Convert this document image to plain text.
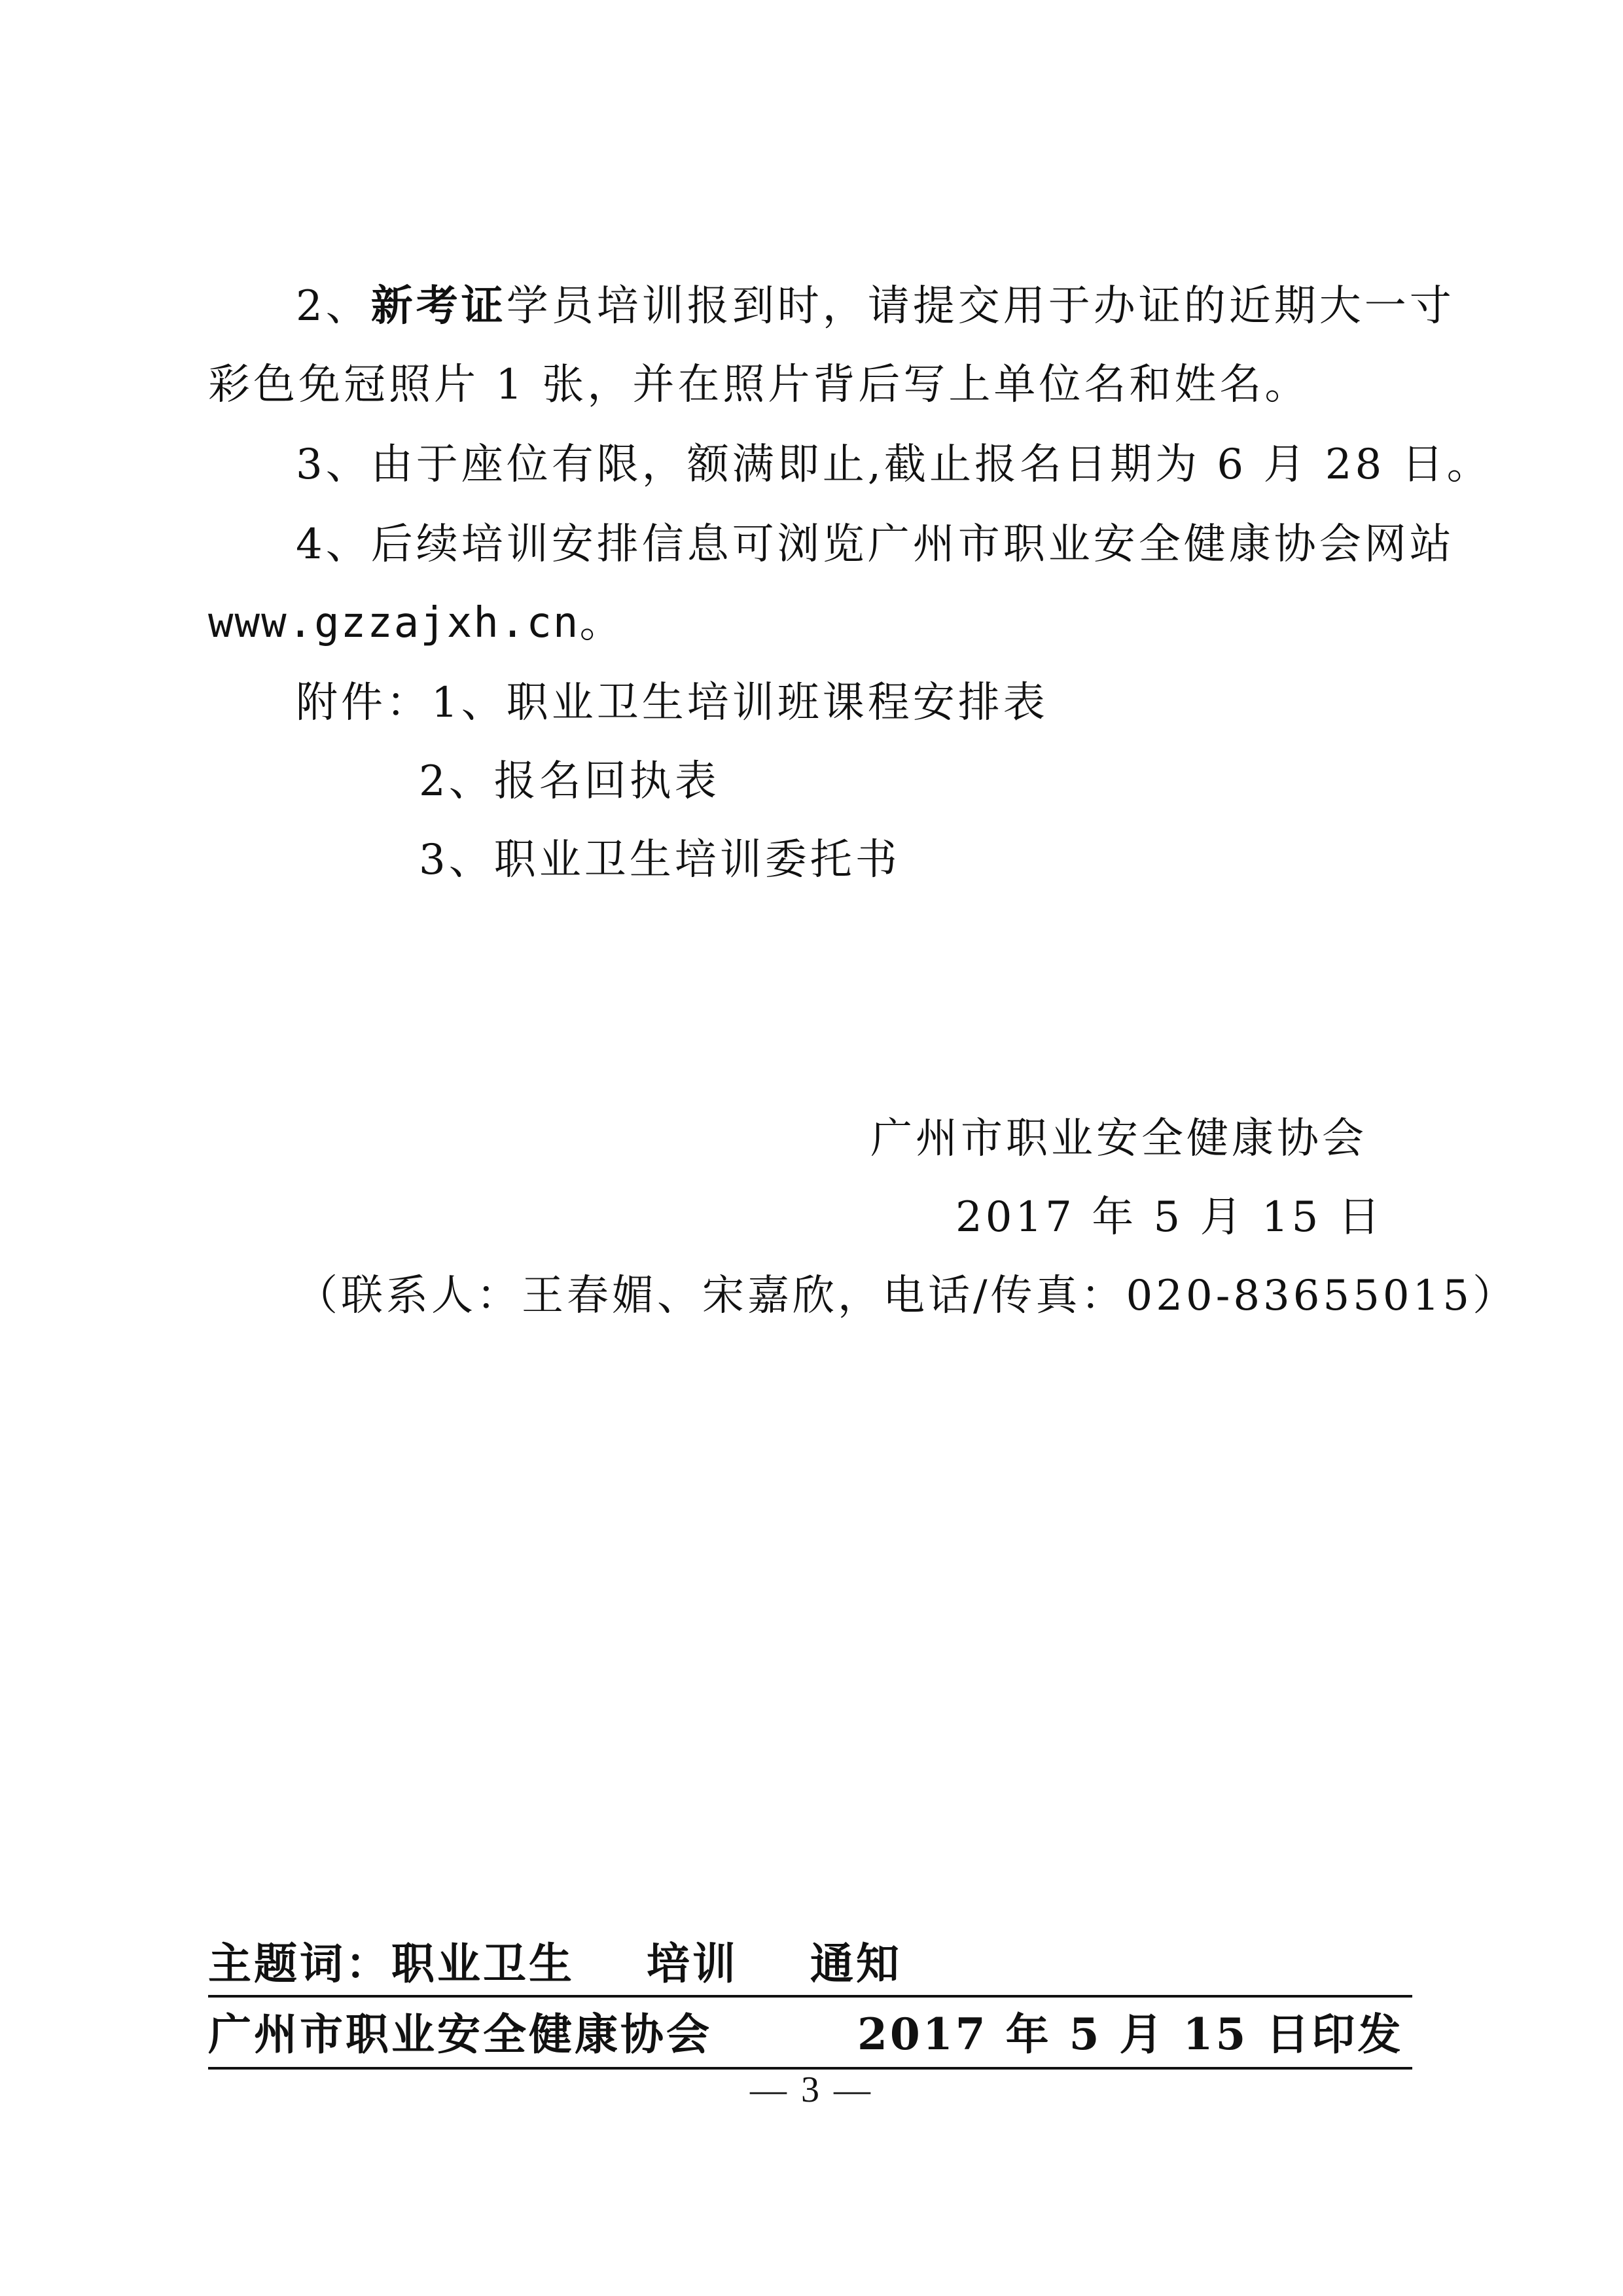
2、新考证学员培训报到时，请提交用于办证的近期大一寸
彩色免冠照片 1 张，并在照片背后写上单位名和姓名。
3、由于座位有限，额满即止,截止报名日期为 6 月 28 日。
4、后续培训安排信息可浏览广州市职业安全健康协会网站
www.gzzajxh.cn。
附件：1、职业卫生培训班课程安排表
2、报名回执表
3、职业卫生培训委托书
广州市职业安全健康协会
2017 年 5 月 15 日
（联系人：王春媚、宋嘉欣，电话/传真：020-83655015）
主题词：职业卫生 培训 通知
广州市职业安全健康协会	2017 年 5 月 15 日印发
— 3 —
